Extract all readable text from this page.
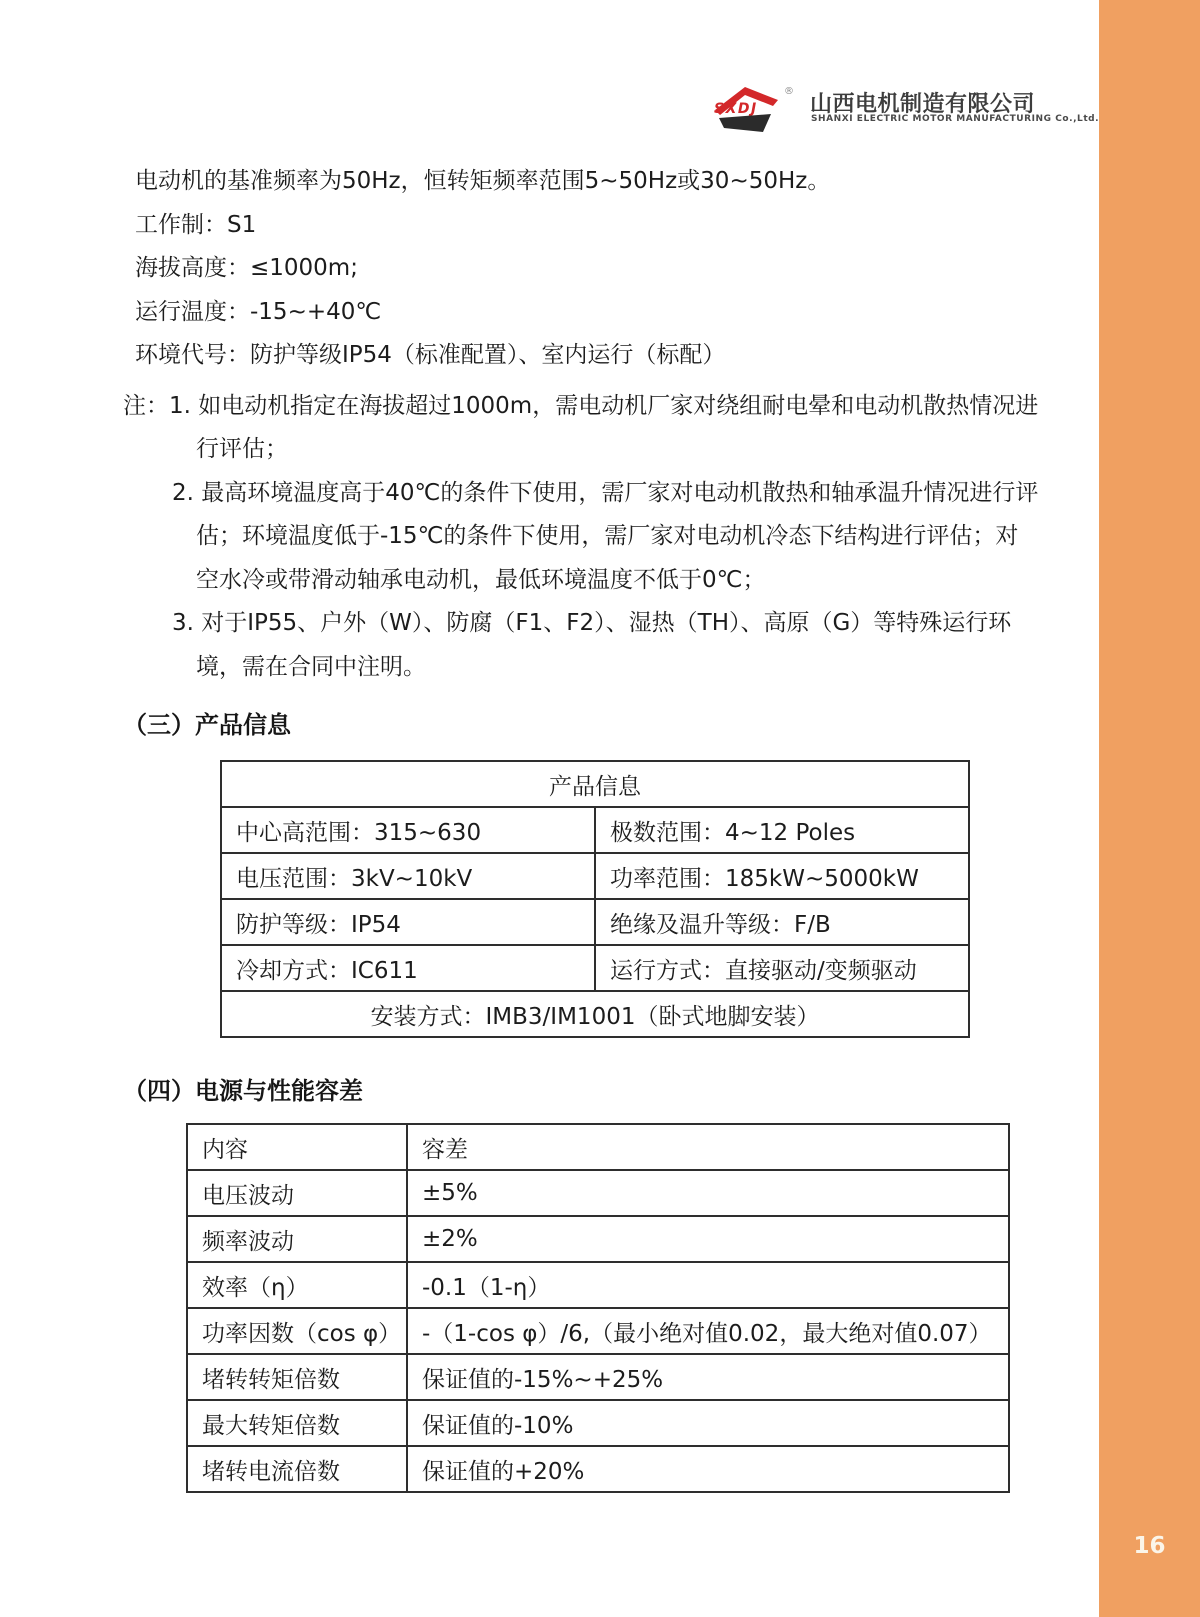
16
SXDJ
®
山西电机制造有限公司
SHANXI ELECTRIC MOTOR MANUFACTURING Co.,Ltd.

电动机的基准频率为50Hz，恒转矩频率范围5~50Hz或30~50Hz。

工作制：S1

海拔高度：≤1000m;

运行温度：-15~+40℃

环境代号：防护等级IP54（标准配置）、室内运行（标配）

注：1. 如电动机指定在海拔超过1000m，需电动机厂家对绕组耐电晕和电动机散热情况进

行评估；

2. 最高环境温度高于40℃的条件下使用，需厂家对电动机散热和轴承温升情况进行评

估；环境温度低于-15℃的条件下使用，需厂家对电动机冷态下结构进行评估；对

空水冷或带滑动轴承电动机，最低环境温度不低于0℃；

3. 对于IP55、户外（W）、防腐（F1、F2）、湿热（TH）、高原（G）等特殊运行环

境，需在合同中注明。

（三）产品信息
产品信息	
中心高范围：315~630	极数范围：4~12 Poles
电压范围：3kV~10kV	功率范围：185kW~5000kW
防护等级：IP54	绝缘及温升等级：F/B
冷却方式：IC611	运行方式：直接驱动/变频驱动
安装方式：IMB3/IM1001（卧式地脚安装）	
（四）电源与性能容差
内容	容差
电压波动	±5%
频率波动	±2%
效率（η）	-0.1（1-η）
功率因数（cos φ）	-（1-cos φ）/6,（最小绝对值0.02，最大绝对值0.07）
堵转转矩倍数	保证值的-15%~+25%
最大转矩倍数	保证值的-10%
堵转电流倍数	保证值的+20%
